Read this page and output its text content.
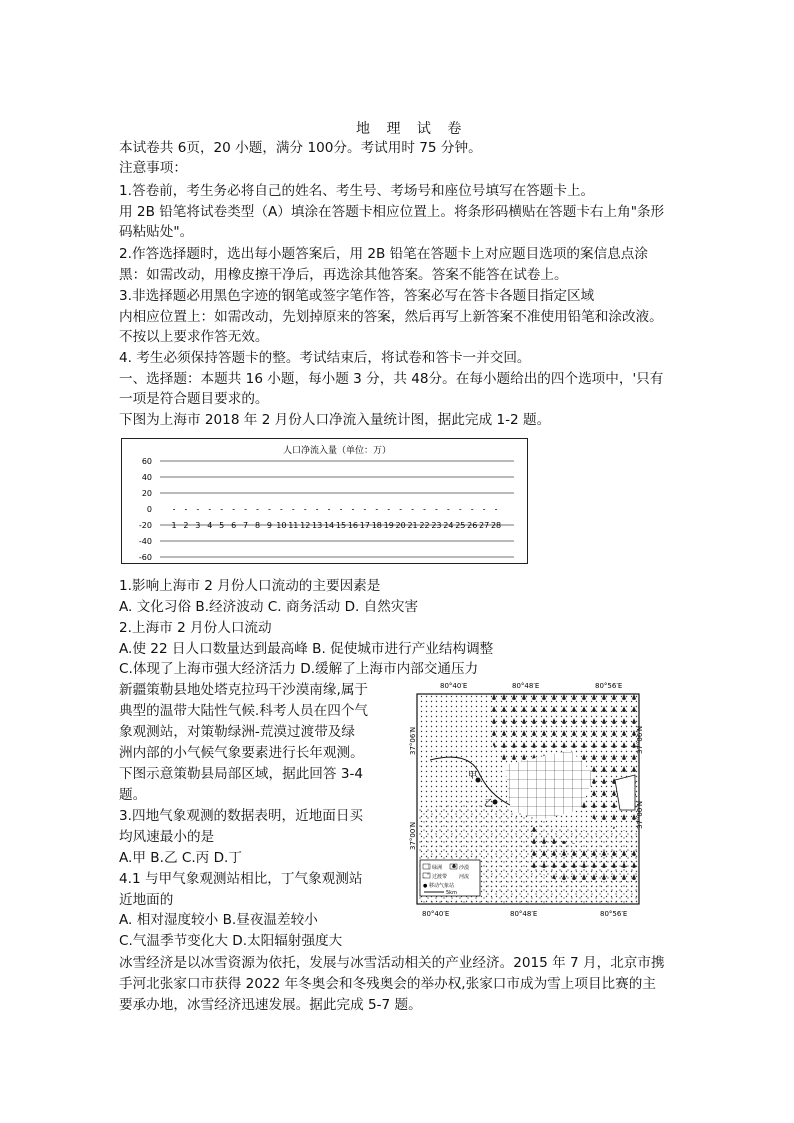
地 理 试 卷
本试卷共 6页，20 小题，满分 100分。考试用时 75 分钟。
注意事项：
1.答卷前，考生务必将自己的姓名、考生号、考场号和座位号填写在答题卡上。
用 2B 铅笔将试卷类型（A）填涂在答题卡相应位置上。将条形码横贴在答题卡右上角"条形
码粘贴处"。
2.作答选择题时，选出每小题答案后，用 2B 铅笔在答题卡上对应题目选项的案信息点涂
黑：如需改动，用橡皮擦干净后，再选涂其他答案。答案不能答在试卷上。
3.非选择题必用黑色字迹的钢笔或签字笔作答，答案必写在答卡各题目指定区域
内相应位置上：如需改动，先划掉原来的答案，然后再写上新答案不准使用铅笔和涂改液。
不按以上要求作答无效。
4. 考生必须保持答题卡的整。考试结束后，将试卷和答卡一并交回。
一、选择题：本题共 16 小题，每小题 3 分，共 48分。在每小题给出的四个选项中，'只有
一项是符合题目要求的。
下图为上海市 2018 年 2 月份人口净流入量统计图，据此完成 1-2 题。
人口净流入量（单位：万）
60
40
20
0
-20
-40
-60
1 2 3 4 5 6 7 8 9 10 11 12 13 14 15 16 17 18 19 20 21 22 23 24 25 26 27 28
1.影响上海市 2 月份人口流动的主要因素是
A. 文化习俗 B.经济波动 C. 商务活动 D. 自然灾害
2.上海市 2 月份人口流动
A.使 22 日人口数量达到最高峰 B. 促使城市进行产业结构调整
C.体现了上海市强大经济活力 D.缓解了上海市内部交通压力
新疆策勒县地处塔克拉玛干沙漠南缘,属于
典型的温带大陆性气候.科考人员在四个气
象观测站，对策勒绿洲-荒漠过渡带及绿
洲内部的小气候气象要素进行长年观测。
下图示意策勒县局部区域，据此回答 3-4
题。
3.四地气象观测的数据表明，近地面日买
均风速最小的是
A.甲 B.乙 C.丙 D.丁
4.1 与甲气象观测站相比，丁气象观测站
近地面的
A. 相对湿度较小 B.昼夜温差较小
C.气温季节变化大 D.太阳辐射强度大
80°40′E	80°48′E	80°56′E
甲
乙
37°06′N
37°00′N
37°06′N
37°00′N
绿洲	沙漠
过渡带 河流
● 移动气象站
5km
80°40′E	80°48′E	80°56′E
冰雪经济是以冰雪资源为依托，发展与冰雪活动相关的产业经济。2015 年 7 月，北京市携
手河北张家口市获得 2022 年冬奥会和冬残奥会的举办权,张家口市成为雪上项目比赛的主
要承办地，冰雪经济迅速发展。据此完成 5-7 题。
